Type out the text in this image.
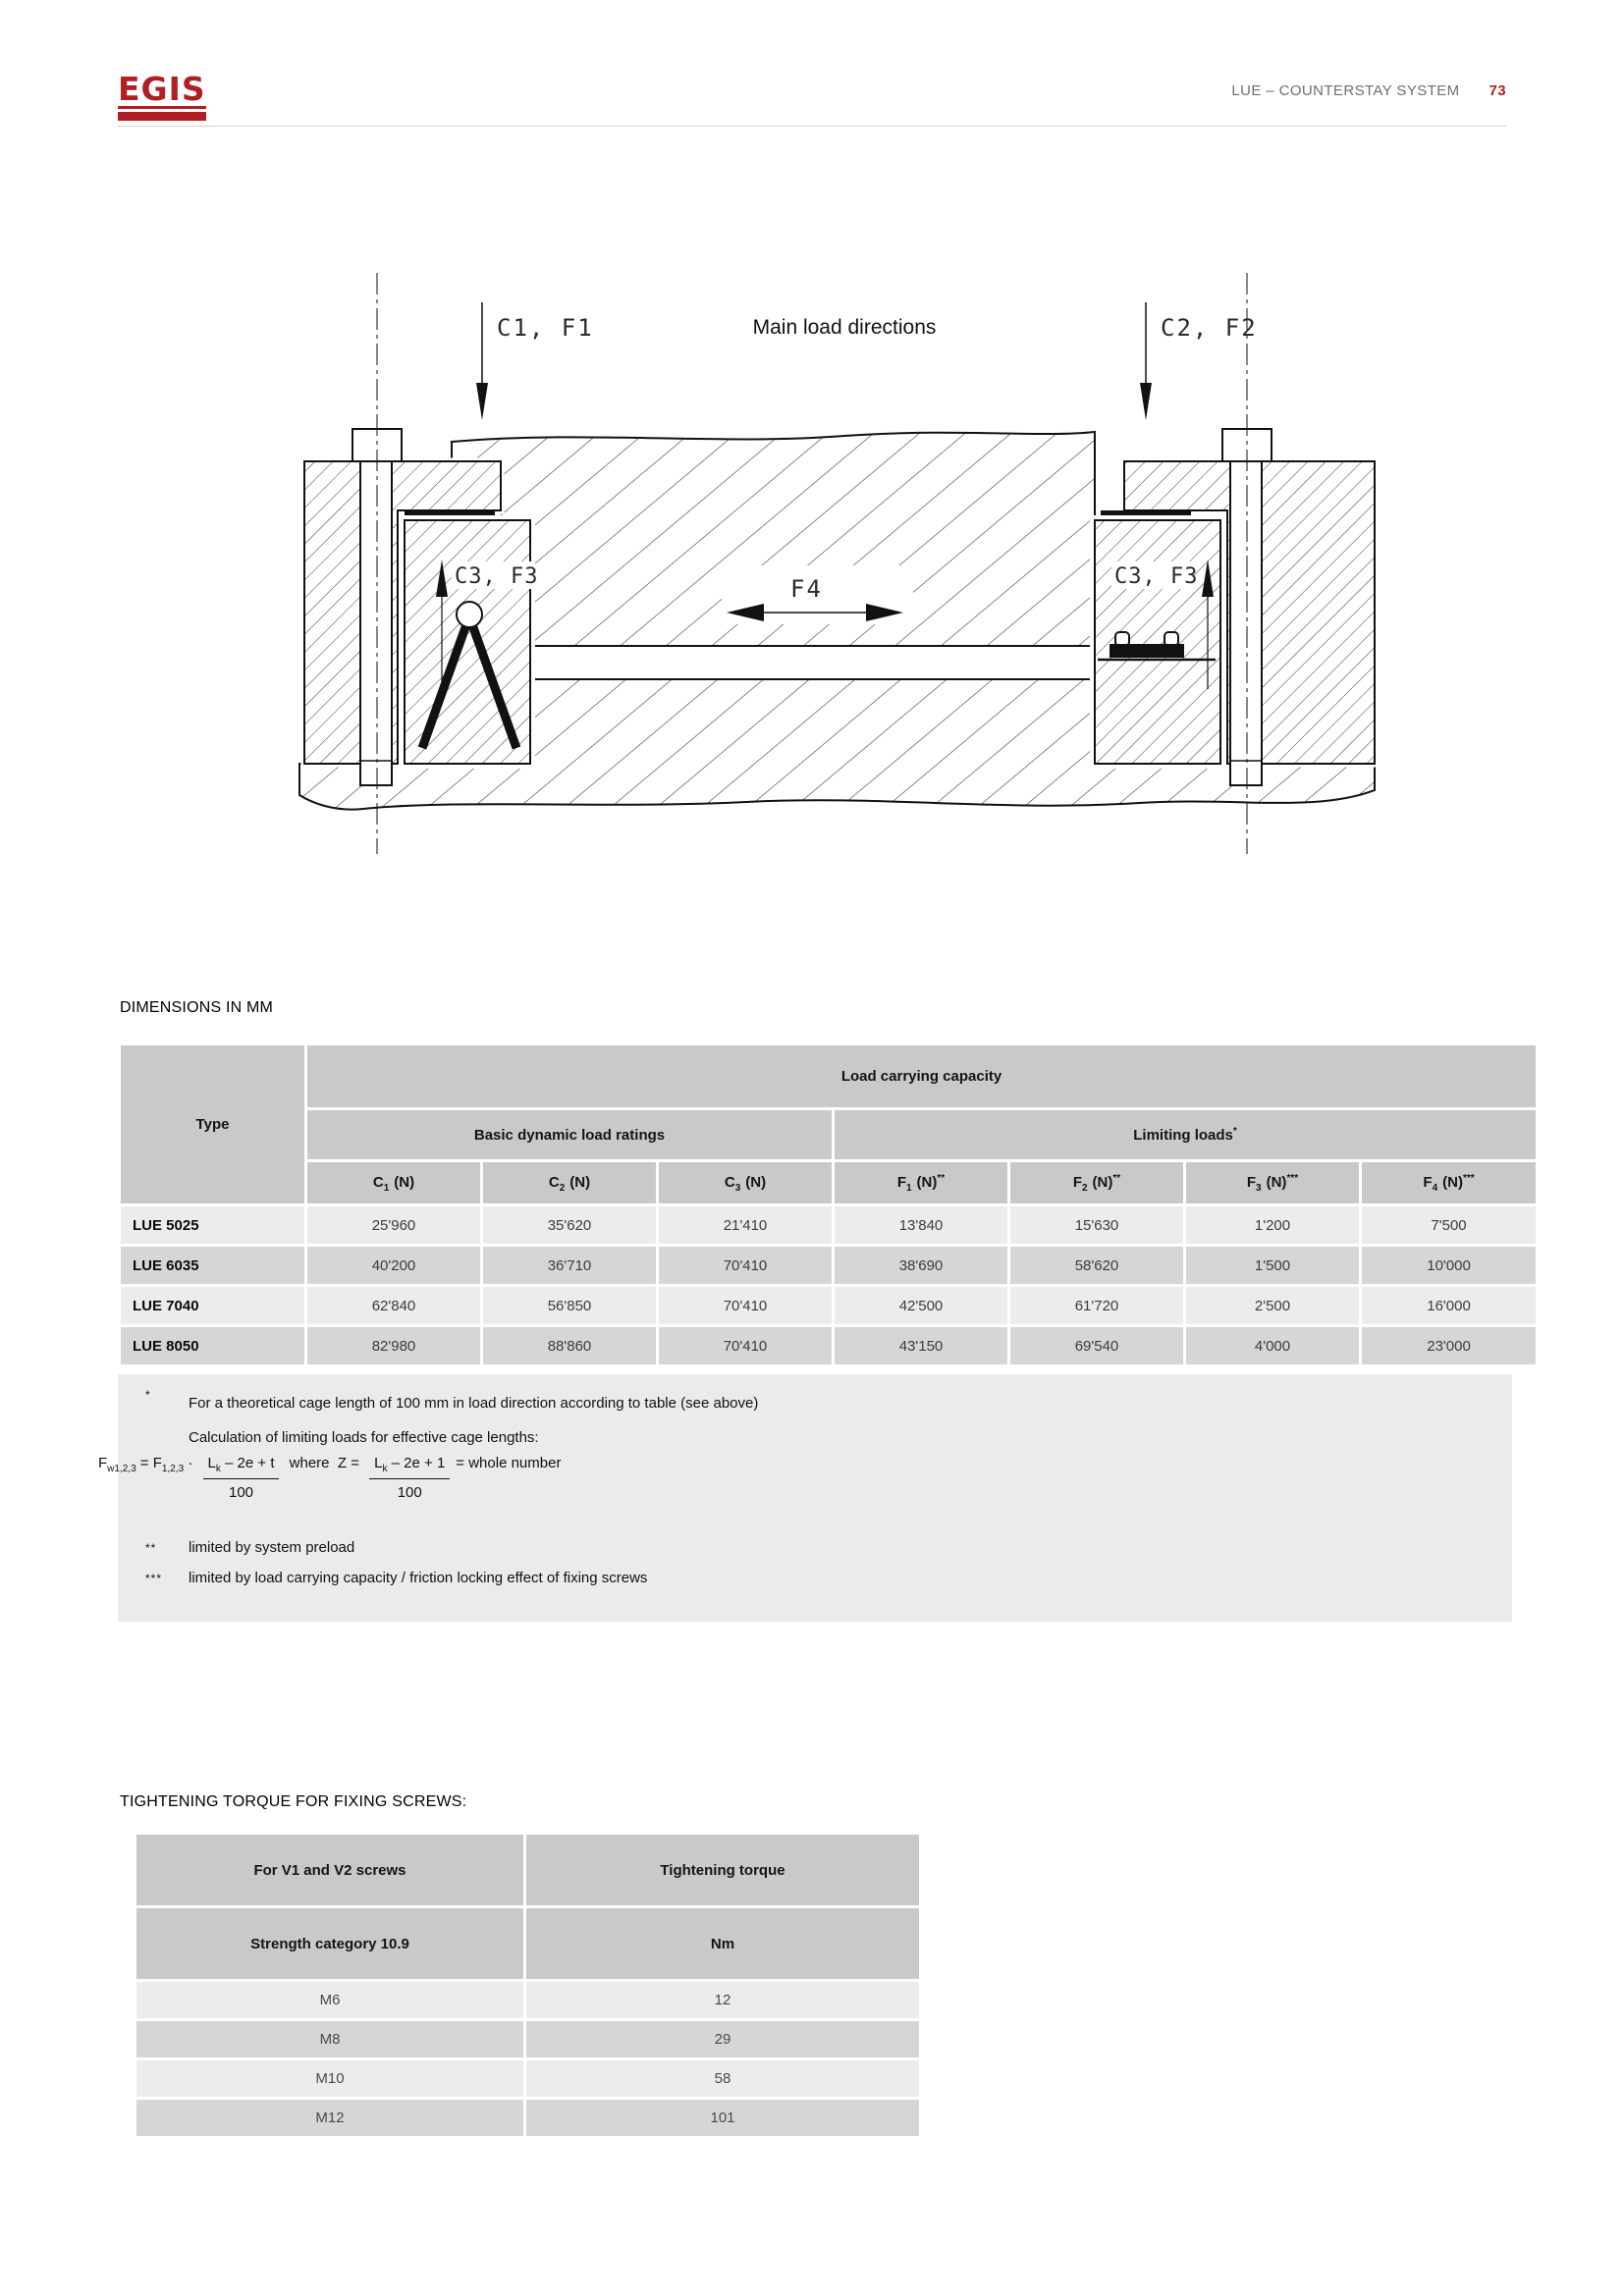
EGIS	LUE – COUNTERSTAY SYSTEM 73
C1, F1	C2, F2
Main load directions
C3, F3	C3, F3
F4
DIMENSIONS IN MM
Type	Load carrying capacity						
	Basic dynamic load ratings			Limiting loads*
	$C_1$ (N)	$C_2$ (N)	$C_3$ (N)	$F_1$ (N)**	$F_2$ (N)**	$F_3$ (N)***	$F_4$ (N)***
LUE 5025	25'960	35'620	21'410	13'840	15'630	1'200	7'500
LUE 6035	40'200	36'710	70'410	38'690	58'620	1'500	10'000
LUE 7040	62'840	56'850	70'410	42'500	61'720	2'500	16'000
LUE 8050	82'980	88'860	70'410	43'150	69'540	4'000	23'000
*	For a theoretical cage length of 100 mm in load direction according to table (see above)
Calculation of limiting loads for effective cage lengths:
**	limited by system preload
***	limited by load carrying capacity / friction locking effect of fixing screws
$F_{w1,2,3} = F_{1,2,3} \cdot \frac{L_k - 2e + t}{100}$ where  $Z = \frac{L_k - 2e + 1}{100}$ = whole number
TIGHTENING TORQUE FOR FIXING SCREWS:
For V1 and V2 screws	Tightening torque
Strength category 10.9	Nm
M6	12
M8	29
M10	58
M12	101
